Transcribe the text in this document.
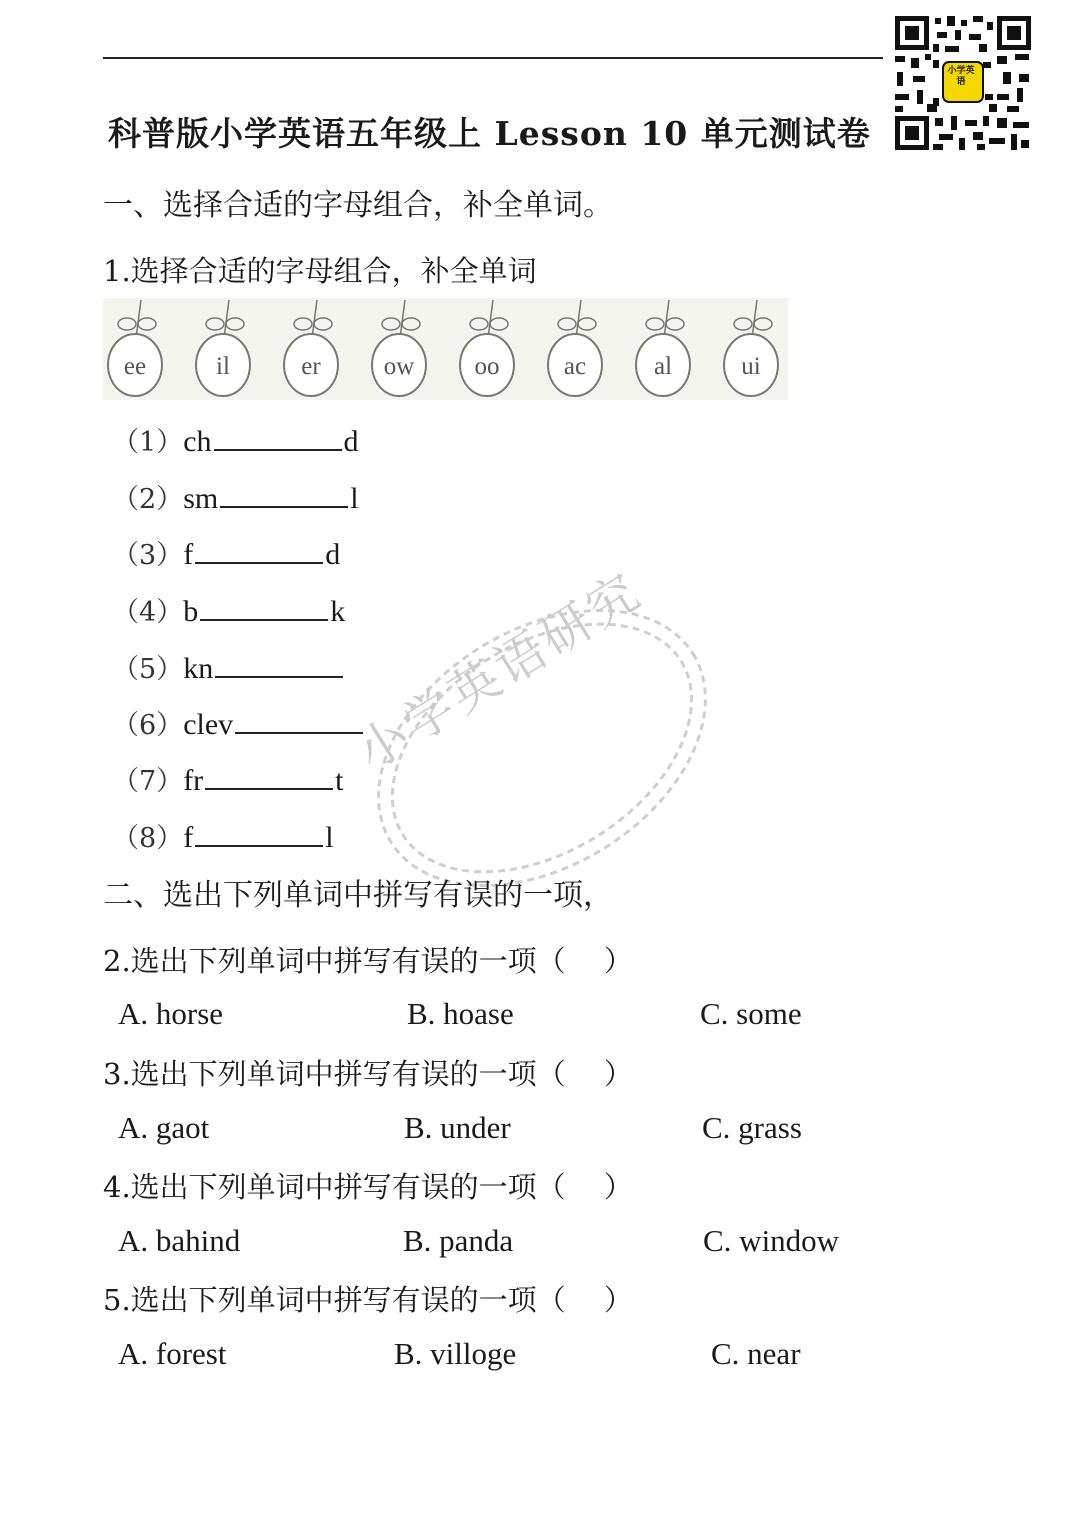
小学英语
科普版小学英语五年级上 Lesson 10 单元测试卷
一、选择合适的字母组合，补全单词。
1.选择合适的字母组合，补全单词
ee	il	er	ow oo	ac	al	ui
（1）ch	d
（2）sm	l
（3）f	d
（4）b	k
（5）kn
（6）clev
（7）fr	t
（8）f	l
小学英语研究
二、选出下列单词中拼写有误的一项，
2.选出下列单词中拼写有误的一项（　 ）
A. horse	B. hoase	C. some
3.选出下列单词中拼写有误的一项（　 ）
A. gaot	B. under	C. grass
4.选出下列单词中拼写有误的一项（　 ）
A. bahind	B. panda	C. window
5.选出下列单词中拼写有误的一项（　 ）
A. forest	B. villoge	C. near
